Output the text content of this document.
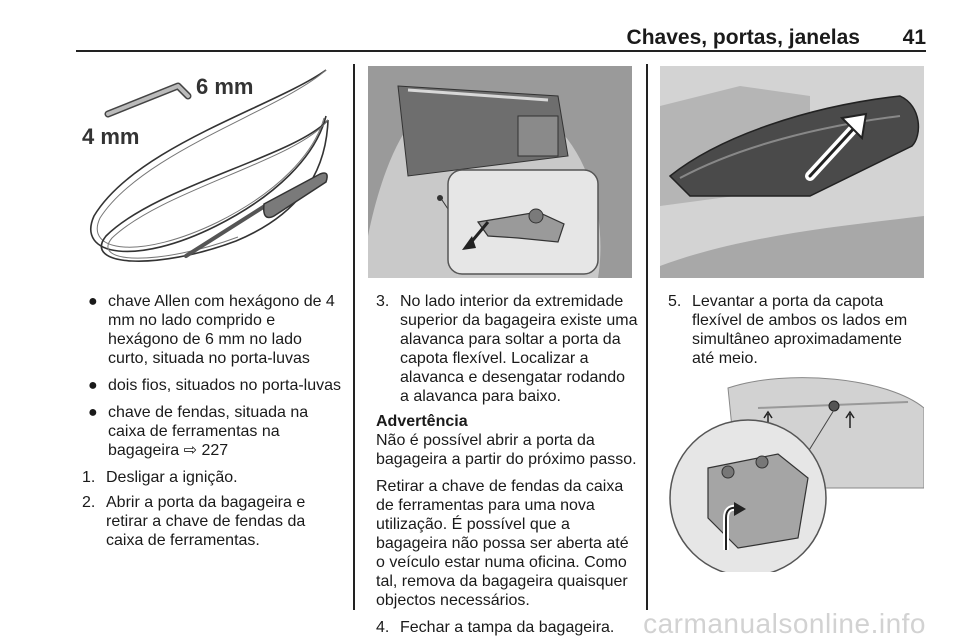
Chaves, portas, janelas 41
6 mm
4 mm
● chave Allen com hexágono de 4 mm no lado comprido e hexágono de 6 mm no lado curto, situada no porta-luvas
● dois fios, situados no porta-luvas
● chave de fendas, situada na caixa de ferramentas na bagageira ⇨ 227
1. Desligar a ignição.
2. Abrir a porta da bagageira e retirar a chave de fendas da caixa de ferramentas.
3. No lado interior da extremidade superior da bagageira existe uma alavanca para soltar a porta da capota flexível. Localizar a alavanca e desengatar rodando a alavanca para baixo.
Advertência

Não é possível abrir a porta da bagageira a partir do próximo passo.

Retirar a chave de fendas da caixa de ferramentas para uma nova utilização. É possível que a bagageira não possa ser aberta até o veículo estar numa oficina. Como tal, remova da bagageira quaisquer objectos necessários.

4. Fechar a tampa da bagageira.
5. Levantar a porta da capota flexível de ambos os lados em simultâneo aproximadamente até meio.
carmanualsonline.info
